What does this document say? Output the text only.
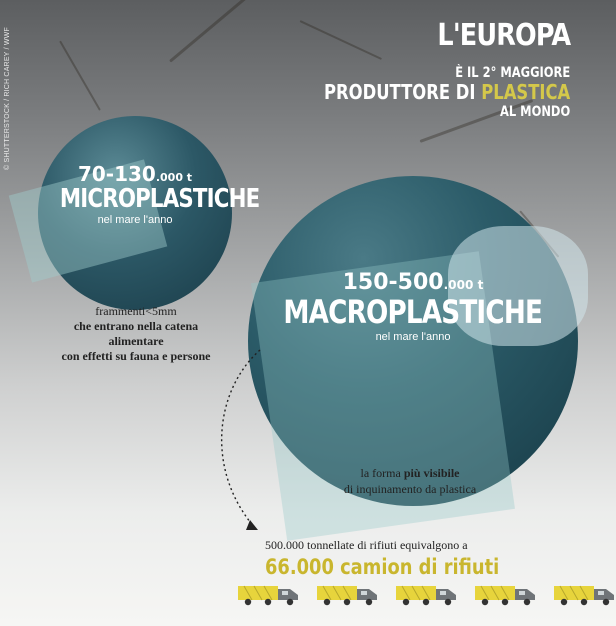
© SHUTTERSTOCK / RICH CAREY / WWF	L'EUROPA
È IL 2° MAGGIORE
PRODUTTORE DI PLASTICA
AL MONDO
70-130.000 t
MICROPLASTICHE
nel mare l'anno
frammenti<5mm
che entrano nella catena
alimentare
con effetti su fauna e persone
150-500.000 t
MACROPLASTICHE
nel mare l'anno
la forma più visibile
di inquinamento da plastica
500.000 tonnellate di rifiuti equivalgono a
66.000 camion di rifiuti
